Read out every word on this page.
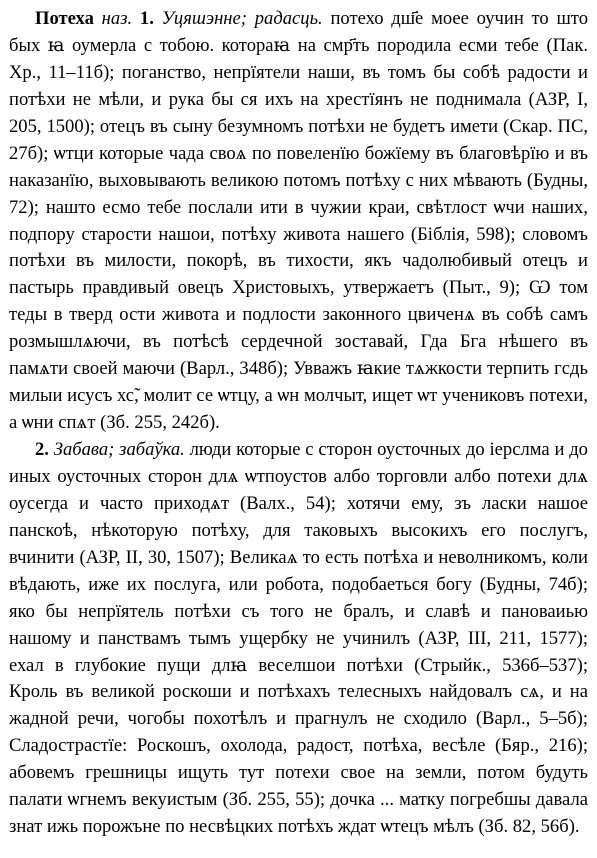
Потеха наз. 1. Уцяшэнне; радасць. потехо дш҃е моее оучин то што бых ꙗ оумерла с тобою. котораꙗ на смр҃ть породила есми тебе (Пак. Хр., 11–11б); поганство, непрїятели наши, въ томъ бы собѣ радости и потѣхи не мѣли, и рука бы ся ихъ на хрестїянъ не поднимала (АЗР, I, 205, 1500); отецъ въ сыну безумномъ потѣхи не будетъ имети (Скар. ПС, 27б); ѡтци которые чада своѧ по повеленїю божїему въ благовѣрїю и въ наказанїю, выховывають великою потомъ потѣху с них мѣвають (Будны, 72); нашто есмо тебе послали ити в чужии краи, свѣтлост ѡчи наших, подпору старости нашои, потѣху живота нашего (Бiблiя, 598); словомъ потѣхи въ милости, покорѣ, въ тихости, якъ чадолюбивый отецъ и пастырь правдивый овецъ Христовыхъ, утвержаетъ (Пыт., 9); Ѡ том теды в тверд ости живота и подлости законного цвиченѧ въ собѣ самъ розмышлѧючи, въ потѣсѣ сердечной зоставай, Гда Бга нѣшего въ памѧти своей маючи (Варл., 348б); Увважъ ꙗкие тѧжкости терпить гсдь милыи исусъ хс̃, молит се ѡтцу, а ѡн молчыт, ищет ѡт учениковъ потехи, а ѡни спѧт (Зб. 255, 242б).

2. Забава; забаўка. люди которые с сторон оусточных до iерслма и до иных оусточных сторон длѧ ѡтпоустов албо торговли албо потехи длѧ оусегда и часто приходѧт (Валх., 54); хотячи ему, зъ ласки нашое панскоѣ, нѣкоторую потѣху, для таковыхъ высокихъ его послугъ, вчинити (АЗР, II, 30, 1507); Великаѧ то есть потѣха и неволникомъ, коли вѣдають, иже их послуга, или робота, подобаеться богу (Будны, 74б); яко бы непрїятель потѣхи съ того не бралъ, и славѣ и пановаиью нашому и панствамъ тымъ ущербку не учинилъ (АЗР, III, 211, 1577); ехал в глубокие пущи длꙗ веселшои потѣхи (Стрыйк., 536б–537); Кроль въ великой роскоши и потѣхахъ телесныхъ найдовалъ сѧ, и на жадной речи, чогобы похотѣлъ и прагнулъ не сходило (Варл., 5–5б); Сладострастїе: Роскошъ, охолода, радост, потѣха, весѣле (Бяр., 216); абовемъ грешницы ищуть тут потехи свое на земли, потом будуть палати ѡгнемъ векуистым (Зб. 255, 55); дочка ... матку погребшы давала знат ижь порожъне по несвѣцких потѣхъ ждат ѡтецъ мѣлъ (Зб. 82, 56б).
